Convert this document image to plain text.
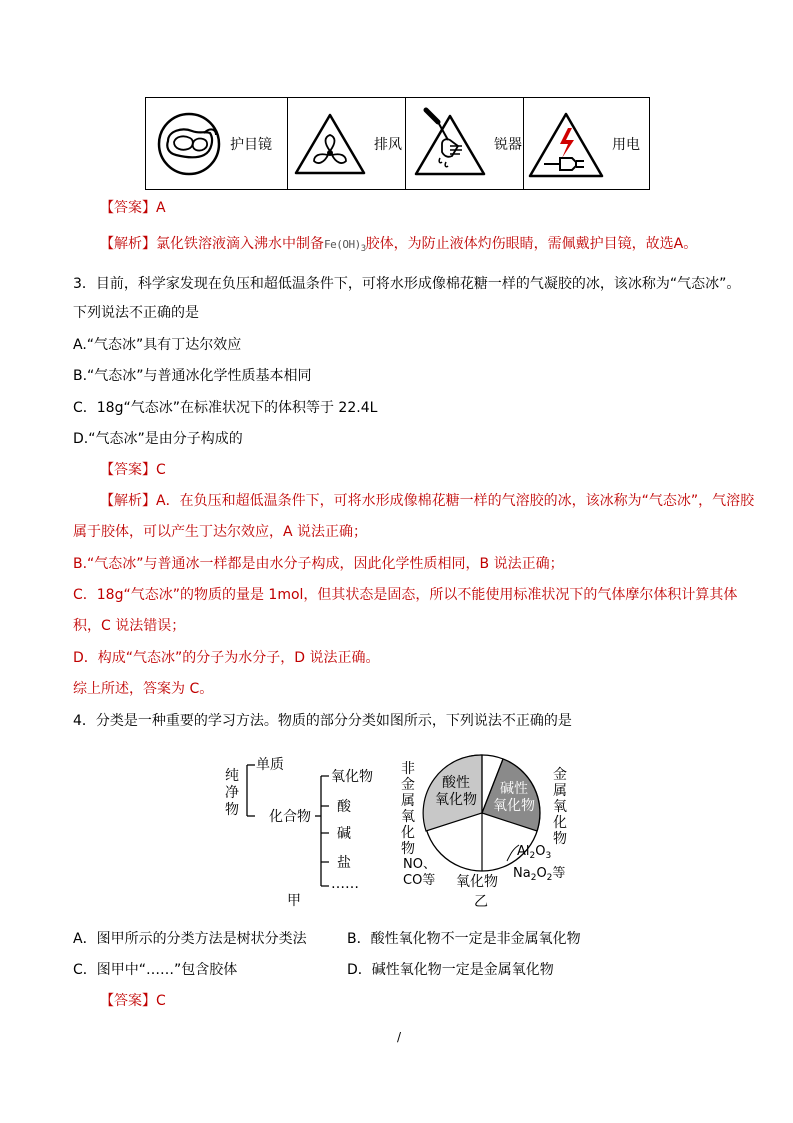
护目镜	排风	锐器	用电
【答案】A
【解析】氯化铁溶液滴入沸水中制备$Fe(OH)_3$胶体，为防止液体灼伤眼睛，需佩戴护目镜，故选A。
3．目前，科学家发现在负压和超低温条件下，可将水形成像棉花糖一样的气凝胶的冰，该冰称为“气态冰”。
下列说法不正确的是
A.“气态冰”具有丁达尔效应
B.“气态冰”与普通冰化学性质基本相同
C．18g“气态冰”在标准状况下的体积等于 22.4L
D.“气态冰”是由分子构成的
【答案】C
【解析】A．在负压和超低温条件下，可将水形成像棉花糖一样的气溶胶的冰，该冰称为“气态冰”，气溶胶
属于胶体，可以产生丁达尔效应，A 说法正确；
B.“气态冰”与普通冰一样都是由水分子构成，因此化学性质相同，B 说法正确；
C．18g“气态冰”的物质的量是 1mol，但其状态是固态，所以不能使用标准状况下的气体摩尔体积计算其体
积，C 说法错误；
D．构成“气态冰”的分子为水分子，D 说法正确。
综上所述，答案为 C。
4．分类是一种重要的学习方法。物质的部分分类如图所示，下列说法不正确的是
纯净物
单质
化合物
氧化物
酸
碱
盐
……
甲
非金属氧化物
金属氧化物
酸性
氧化物
碱性
氧化物
NO、
CO等 氧化物
$Al_2O_3$
$Na_2O_2$等
乙
A．图甲所示的分类方法是树状分类法	B．酸性氧化物不一定是非金属氧化物
C．图甲中“……”包含胶体	D．碱性氧化物一定是金属氧化物
【答案】C
/
